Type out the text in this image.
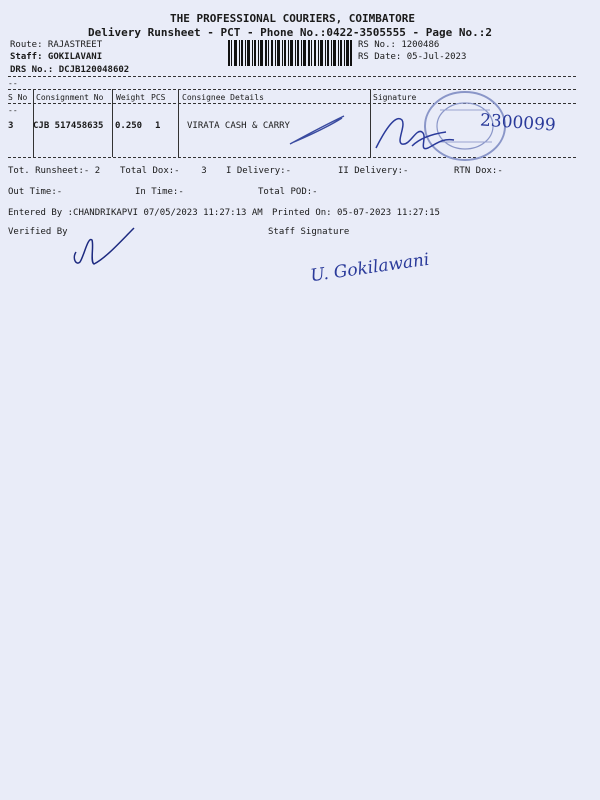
THE PROFESSIONAL COURIERS, COIMBATORE
Delivery Runsheet - PCT - Phone No.:0422-3505555 - Page No.:2
Route: RAJASTREET
Staff: GOKILAVANI
DRS No.: DCJB120048602
RS No.: 1200486
RS Date: 05-Jul-2023
--
--
S No Consignment No Weight PCS Consignee Details	Signature
3 CJB 517458635 0.250 1	VIRATA CASH & CARRY	2300099
Tot. Runsheet:- 2 Total Dox:-    3 I Delivery:-	II Delivery:-	RTN Dox:-
Out Time:-	In Time:-	Total POD:-
Entered By :CHANDRIKAPVI 07/05/2023 11:27:13 AM Printed On: 05-07-2023 11:27:15
Verified By	Staff Signature
U. Gokilawani
